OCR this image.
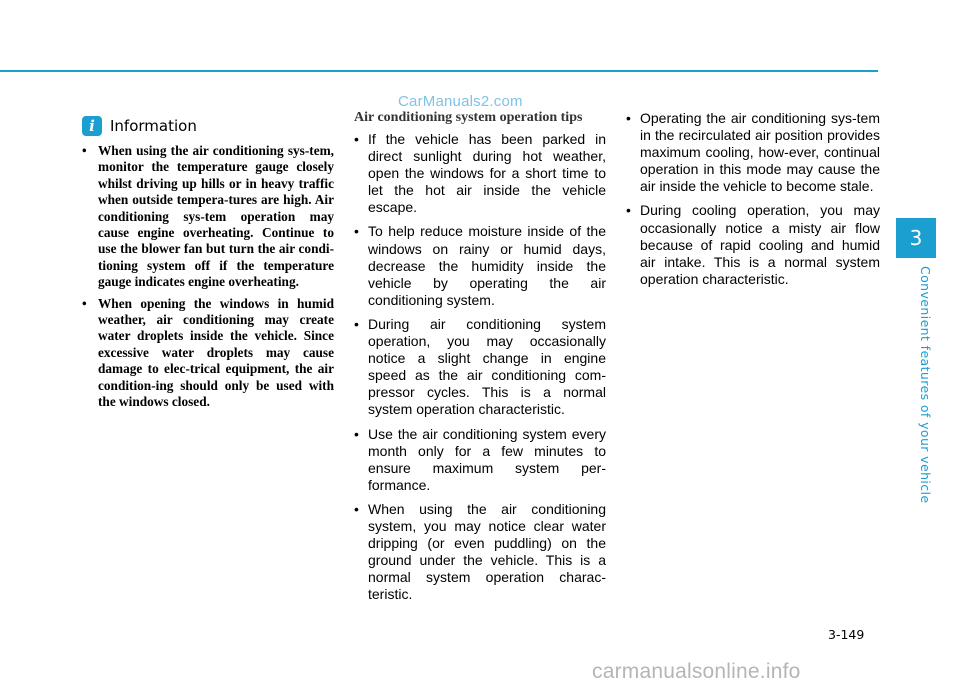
CarManuals2.com
3
Convenient features of your vehicle
i	Information
• When using the air conditioning sys-tem, monitor the temperature gauge closely whilst driving up hills or in heavy traffic when outside tempera-tures are high. Air conditioning sys-tem operation may cause engine overheating. Continue to use the blower fan but turn the air condi-tioning system off if the temperature gauge indicates engine overheating.
• When opening the windows in humid weather, air conditioning may create water droplets inside the vehicle. Since excessive water droplets may cause damage to elec-trical equipment, the air condition-ing should only be used with the windows closed.
Air conditioning system operation tips
• If the vehicle has been parked in direct sunlight during hot weather, open the windows for a short time to let the hot air inside the vehicle escape.
• To help reduce moisture inside of the windows on rainy or humid days, decrease the humidity inside the vehicle by operating the air conditioning system.
• During air conditioning system operation, you may occasionally notice a slight change in engine speed as the air conditioning com-pressor cycles. This is a normal system operation characteristic.
• Use the air conditioning system every month only for a few minutes to ensure maximum system per-formance.
• When using the air conditioning system, you may notice clear water dripping (or even puddling) on the ground under the vehicle. This is a normal system operation charac-teristic.
• Operating the air conditioning sys-tem in the recirculated air position provides maximum cooling, how-ever, continual operation in this mode may cause the air inside the vehicle to become stale.
• During cooling operation, you may occasionally notice a misty air flow because of rapid cooling and humid air intake. This is a normal system operation characteristic.
3-149
carmanualsonline.info
